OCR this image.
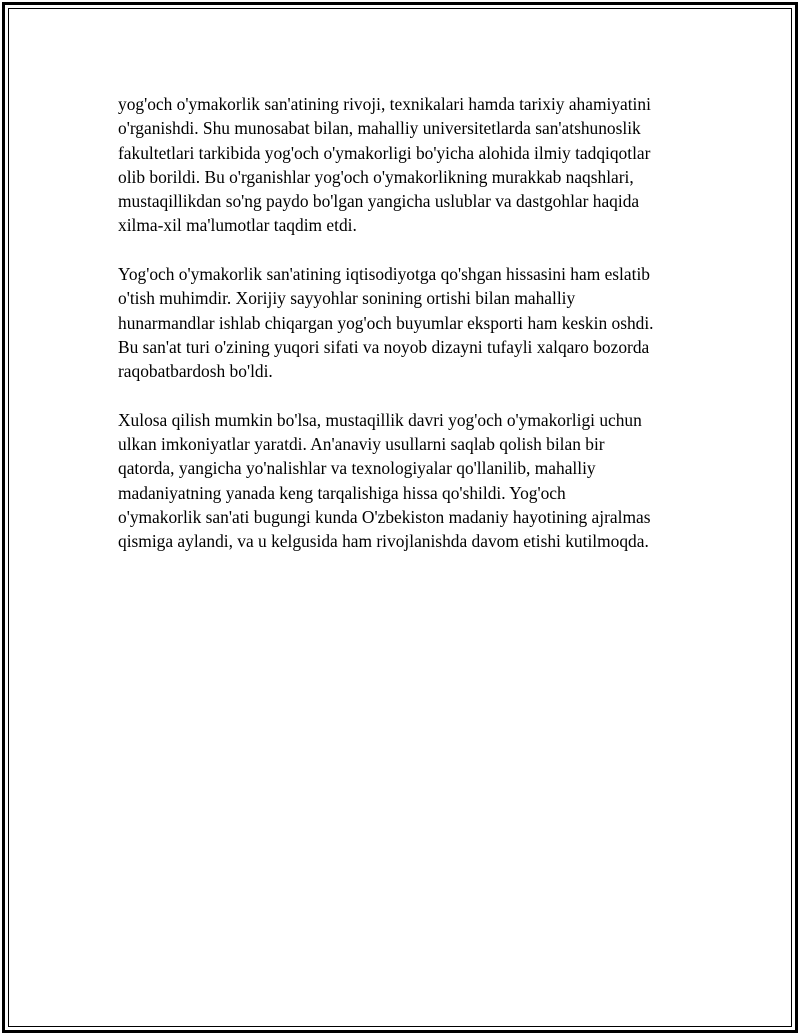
yog'och o'ymakorlik san'atining rivoji, texnikalari hamda tarixiy ahamiyatini
o'rganishdi. Shu munosabat bilan, mahalliy universitetlarda san'atshunoslik
fakultetlari tarkibida yog'och o'ymakorligi bo'yicha alohida ilmiy tadqiqotlar
olib borildi. Bu o'rganishlar yog'och o'ymakorlikning murakkab naqshlari,
mustaqillikdan so'ng paydo bo'lgan yangicha uslublar va dastgohlar haqida
xilma-xil ma'lumotlar taqdim etdi.

Yog'och o'ymakorlik san'atining iqtisodiyotga qo'shgan hissasini ham eslatib
o'tish muhimdir. Xorijiy sayyohlar sonining ortishi bilan mahalliy
hunarmandlar ishlab chiqargan yog'och buyumlar eksporti ham keskin oshdi.
Bu san'at turi o'zining yuqori sifati va noyob dizayni tufayli xalqaro bozorda
raqobatbardosh bo'ldi.

Xulosa qilish mumkin bo'lsa, mustaqillik davri yog'och o'ymakorligi uchun
ulkan imkoniyatlar yaratdi. An'anaviy usullarni saqlab qolish bilan bir
qatorda, yangicha yo'nalishlar va texnologiyalar qo'llanilib, mahalliy
madaniyatning yanada keng tarqalishiga hissa qo'shildi. Yog'och
o'ymakorlik san'ati bugungi kunda O'zbekiston madaniy hayotining ajralmas
qismiga aylandi, va u kelgusida ham rivojlanishda davom etishi kutilmoqda.
